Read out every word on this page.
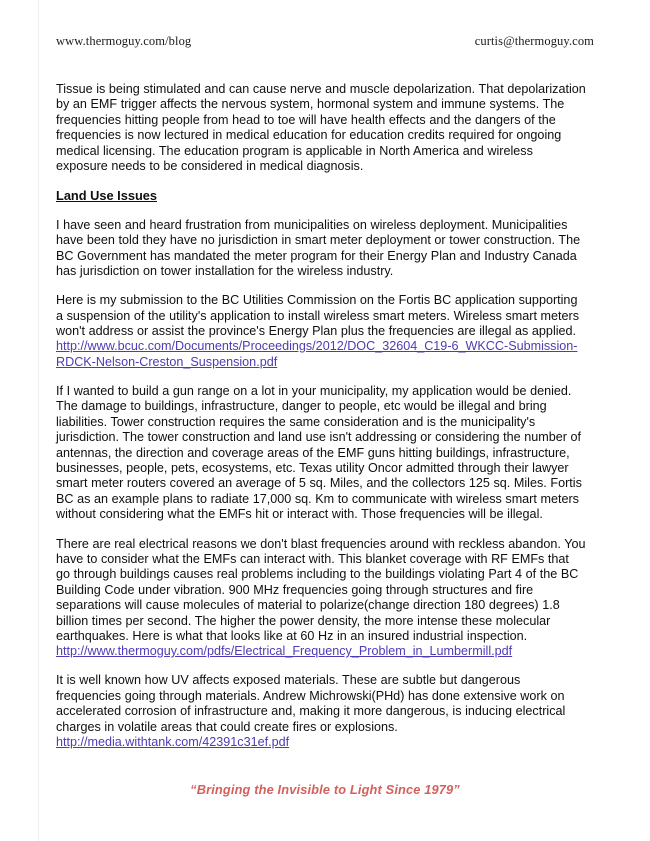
www.thermoguy.com/blog	curtis@thermoguy.com

Tissue is being stimulated and can cause nerve and muscle depolarization. That depolarization by an EMF trigger affects the nervous system, hormonal system and immune systems. The frequencies hitting people from head to toe will have health effects and the dangers of the frequencies is now lectured in medical education for education credits required for ongoing medical licensing. The education program is applicable in North America and wireless exposure needs to be considered in medical diagnosis.

Land Use Issues

I have seen and heard frustration from municipalities on wireless deployment. Municipalities have been told they have no jurisdiction in smart meter deployment or tower construction. The BC Government has mandated the meter program for their Energy Plan and Industry Canada has jurisdiction on tower installation for the wireless industry.

Here is my submission to the BC Utilities Commission on the Fortis BC application supporting a suspension of the utility's application to install wireless smart meters. Wireless smart meters won't address or assist the province's Energy Plan plus the frequencies are illegal as applied.

http://www.bcuc.com/Documents/Proceedings/2012/DOC_32604_C19-6_WKCC-Submission-RDCK-Nelson-Creston_Suspension.pdf

If I wanted to build a gun range on a lot in your municipality, my application would be denied. The damage to buildings, infrastructure, danger to people, etc would be illegal and bring liabilities. Tower construction requires the same consideration and is the municipality's jurisdiction. The tower construction and land use isn't addressing or considering the number of antennas, the direction and coverage areas of the EMF guns hitting buildings, infrastructure, businesses, people, pets, ecosystems, etc. Texas utility Oncor admitted through their lawyer smart meter routers covered an average of 5 sq. Miles, and the collectors 125 sq. Miles. Fortis BC as an example plans to radiate 17,000 sq. Km to communicate with wireless smart meters without considering what the EMFs hit or interact with. Those frequencies will be illegal.

There are real electrical reasons we don't blast frequencies around with reckless abandon. You have to consider what the EMFs can interact with. This blanket coverage with RF EMFs that go through buildings causes real problems including to the buildings violating Part 4 of the BC Building Code under vibration. 900 MHz frequencies going through structures and fire separations will cause molecules of material to polarize(change direction 180 degrees) 1.8 billion times per second. The higher the power density, the more intense these molecular earthquakes. Here is what that looks like at 60 Hz in an insured industrial inspection.

http://www.thermoguy.com/pdfs/Electrical_Frequency_Problem_in_Lumbermill.pdf

It is well known how UV affects exposed materials. These are subtle but dangerous frequencies going through materials. Andrew Michrowski(PHd) has done extensive work on accelerated corrosion of infrastructure and, making it more dangerous, is inducing electrical charges in volatile areas that could create fires or explosions.

http://media.withtank.com/42391c31ef.pdf
“Bringing the Invisible to Light Since 1979”
